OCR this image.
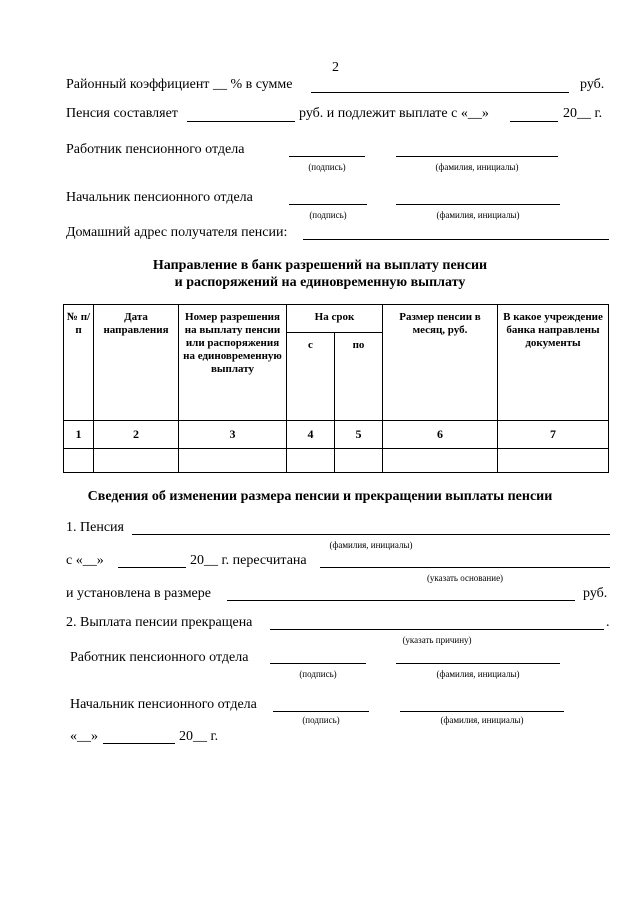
2
Районный коэффициент __ % в сумме	руб.
Пенсия составляет	руб. и подлежит выплате с «__»	20__ г.
Работник пенсионного отдела
(подпись)	(фамилия, инициалы)
Начальник пенсионного отдела
(подпись)	(фамилия, инициалы)
Домашний адрес получателя пенсии:
Направление в банк разрешений на выплату пенсии
и распоряжений на единовременную выплату
№ п/п	Дата направления	Номер разрешения на выплату пенсии или распоряжения на единовременную выплату	На срок		Размер пенсии в месяц, руб.	В какое учреждение банка направлены документы
			с	по		
1	2	3	4	5	6	7

Сведения об изменении размера пенсии и прекращении выплаты пенсии
1. Пенсия
(фамилия, инициалы)
с «__»	20__ г. пересчитана
(указать основание)
и установлена в размере	руб.
2. Выплата пенсии прекращена	.
(указать причину)
Работник пенсионного отдела
(подпись)	(фамилия, инициалы)
Начальник пенсионного отдела
(подпись)	(фамилия, инициалы)
«__»	20__ г.
